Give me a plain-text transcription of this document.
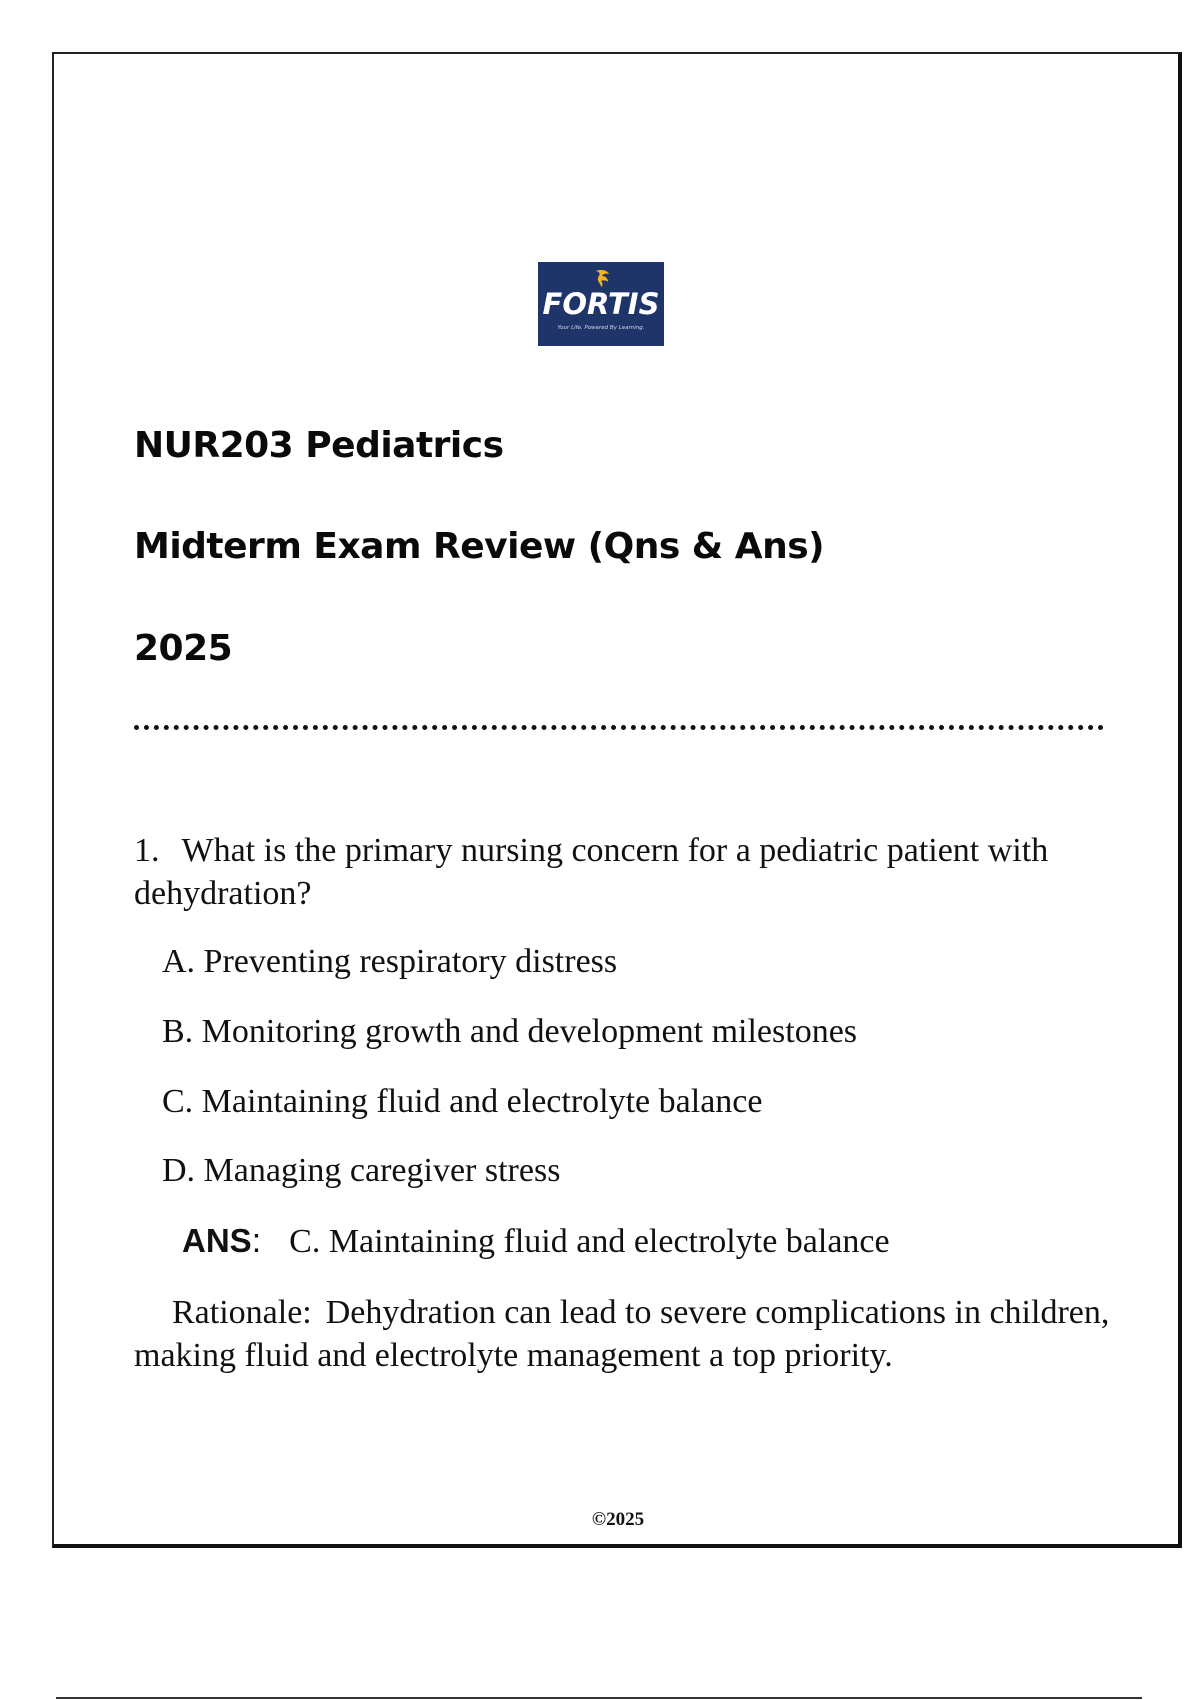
FORTIS
Your Life. Powered By Learning.
NUR203 Pediatrics
Midterm Exam Review (Qns & Ans)
2025

1. What is the primary nursing concern for a pediatric patient with dehydration?

A. Preventing respiratory distress

B. Monitoring growth and development milestones

C. Maintaining fluid and electrolyte balance

D. Managing caregiver stress

ANS: C. Maintaining fluid and electrolyte balance

Rationale: Dehydration can lead to severe complications in children, making fluid and electrolyte management a top priority.

©2025
